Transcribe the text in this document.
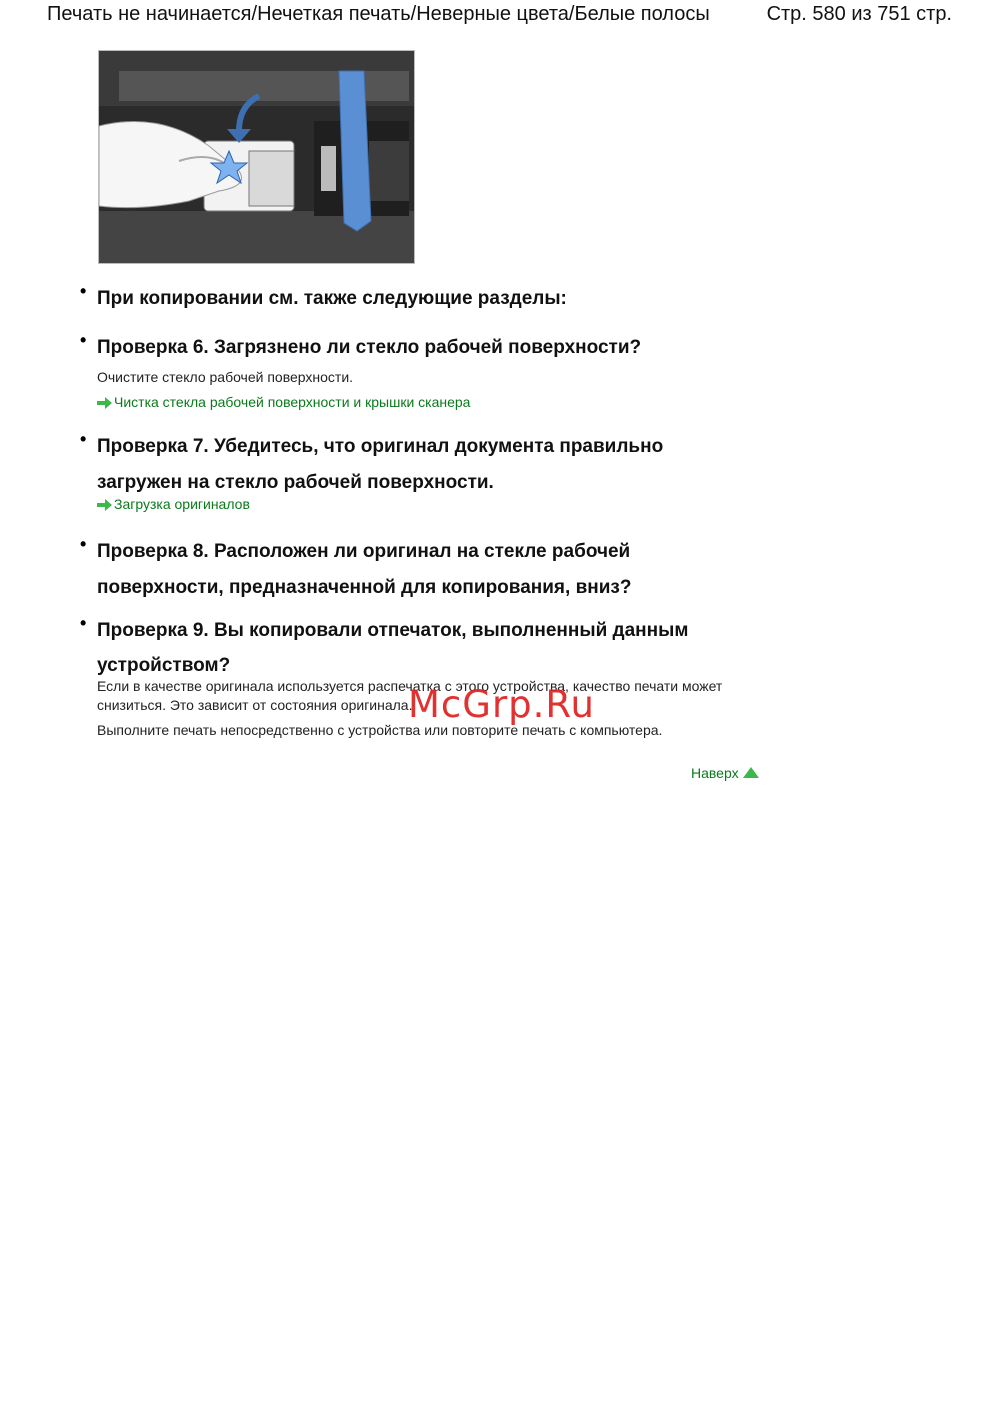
Печать не начинается/Нечеткая печать/Неверные цвета/Белые полосы	Стр. 580 из 751 стр.
• При копировании см. также следующие разделы:
• Проверка 6. Загрязнено ли стекло рабочей поверхности?
Очистите стекло рабочей поверхности.
Чистка стекла рабочей поверхности и крышки сканера
• Проверка 7. Убедитесь, что оригинал документа правильно
загружен на стекло рабочей поверхности.
Загрузка оригиналов
• Проверка 8. Расположен ли оригинал на стекле рабочей
поверхности, предназначенной для копирования, вниз?
• Проверка 9. Вы копировали отпечаток, выполненный данным
устройством?
Если в качестве оригинала используется распечатка с этого устройства, качество печати может
снизиться. Это зависит от состояния оригинала.
Выполните печать непосредственно с устройства или повторите печать с компьютера.
Наверх
McGrp.Ru
